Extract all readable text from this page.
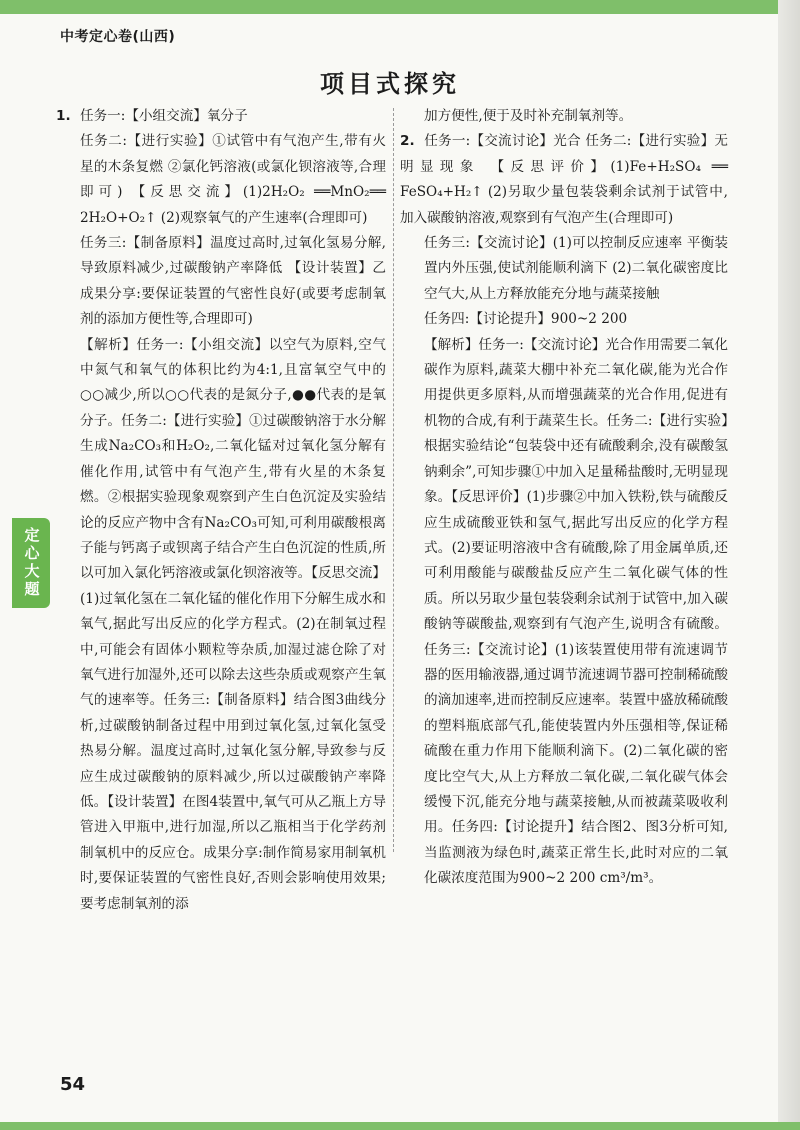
中考定心卷(山西)
项目式探究

1. 任务一:【小组交流】氧分子

任务二:【进行实验】①试管中有气泡产生,带有火星的木条复燃 ②氯化钙溶液(或氯化钡溶液等,合理即可) 【反思交流】(1)2H₂O₂ ══MnO₂══ 2H₂O+O₂↑ (2)观察氧气的产生速率(合理即可)

任务三:【制备原料】温度过高时,过氧化氢易分解,导致原料减少,过碳酸钠产率降低 【设计装置】乙 成果分享:要保证装置的气密性良好(或要考虑制氧剂的添加方便性等,合理即可)

【解析】任务一:【小组交流】以空气为原料,空气中氮气和氧气的体积比约为4:1,且富氧空气中的○○减少,所以○○代表的是氮分子,●●代表的是氧分子。任务二:【进行实验】①过碳酸钠溶于水分解生成Na₂CO₃和H₂O₂,二氧化锰对过氧化氢分解有催化作用,试管中有气泡产生,带有火星的木条复燃。②根据实验现象观察到产生白色沉淀及实验结论的反应产物中含有Na₂CO₃可知,可利用碳酸根离子能与钙离子或钡离子结合产生白色沉淀的性质,所以可加入氯化钙溶液或氯化钡溶液等。【反思交流】(1)过氧化氢在二氧化锰的催化作用下分解生成水和氧气,据此写出反应的化学方程式。(2)在制氧过程中,可能会有固体小颗粒等杂质,加湿过滤仓除了对氧气进行加湿外,还可以除去这些杂质或观察产生氧气的速率等。任务三:【制备原料】结合图3曲线分析,过碳酸钠制备过程中用到过氧化氢,过氧化氢受热易分解。温度过高时,过氧化氢分解,导致参与反应生成过碳酸钠的原料减少,所以过碳酸钠产率降低。【设计装置】在图4装置中,氧气可从乙瓶上方导管进入甲瓶中,进行加湿,所以乙瓶相当于化学药剂制氧机中的反应仓。成果分享:制作简易家用制氧机时,要保证装置的气密性良好,否则会影响使用效果;要考虑制氧剂的添

加方便性,便于及时补充制氧剂等。

2. 任务一:【交流讨论】光合 任务二:【进行实验】无明显现象 【反思评价】(1)Fe+H₂SO₄ ══ FeSO₄+H₂↑ (2)另取少量包装袋剩余试剂于试管中,加入碳酸钠溶液,观察到有气泡产生(合理即可)

任务三:【交流讨论】(1)可以控制反应速率 平衡装置内外压强,使试剂能顺利滴下 (2)二氧化碳密度比空气大,从上方释放能充分地与蔬菜接触

任务四:【讨论提升】900~2 200

【解析】任务一:【交流讨论】光合作用需要二氧化碳作为原料,蔬菜大棚中补充二氧化碳,能为光合作用提供更多原料,从而增强蔬菜的光合作用,促进有机物的合成,有利于蔬菜生长。任务二:【进行实验】根据实验结论“包装袋中还有硫酸剩余,没有碳酸氢钠剩余”,可知步骤①中加入足量稀盐酸时,无明显现象。【反思评价】(1)步骤②中加入铁粉,铁与硫酸反应生成硫酸亚铁和氢气,据此写出反应的化学方程式。(2)要证明溶液中含有硫酸,除了用金属单质,还可利用酸能与碳酸盐反应产生二氧化碳气体的性质。所以另取少量包装袋剩余试剂于试管中,加入碳酸钠等碳酸盐,观察到有气泡产生,说明含有硫酸。任务三:【交流讨论】(1)该装置使用带有流速调节器的医用输液器,通过调节流速调节器可控制稀硫酸的滴加速率,进而控制反应速率。装置中盛放稀硫酸的塑料瓶底部气孔,能使装置内外压强相等,保证稀硫酸在重力作用下能顺利滴下。(2)二氧化碳的密度比空气大,从上方释放二氧化碳,二氧化碳气体会缓慢下沉,能充分地与蔬菜接触,从而被蔬菜吸收利用。任务四:【讨论提升】结合图2、图3分析可知,当监测液为绿色时,蔬菜正常生长,此时对应的二氧化碳浓度范围为900~2 200 cm³/m³。

定心大题
54
